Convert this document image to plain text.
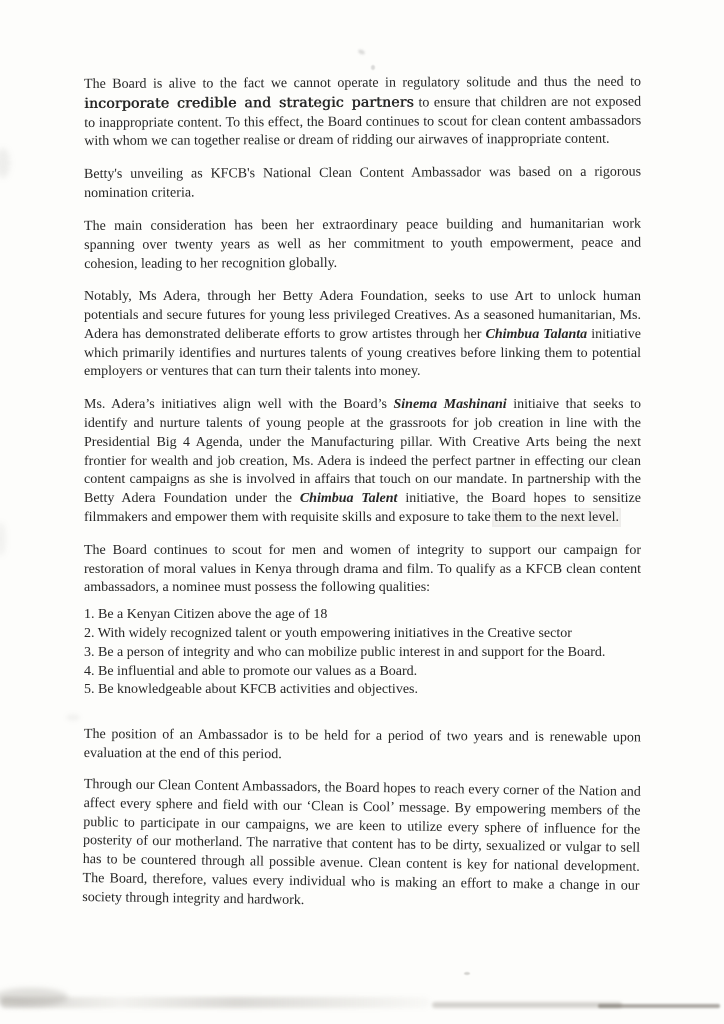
The Board is alive to the fact we cannot operate in regulatory solitude and thus the need to incorporate credible and strategic partners to ensure that children are not exposed to inappropriate content. To this effect, the Board continues to scout for clean content ambassadors with whom we can together realise or dream of ridding our airwaves of inappropriate content.

Betty's unveiling as KFCB's National Clean Content Ambassador was based on a rigorous nomination criteria.

The main consideration has been her extraordinary peace building and humanitarian work spanning over twenty years as well as her commitment to youth empowerment, peace and cohesion, leading to her recognition globally.

Notably, Ms Adera, through her Betty Adera Foundation, seeks to use Art to unlock human potentials and secure futures for young less privileged Creatives. As a seasoned humanitarian, Ms. Adera has demonstrated deliberate efforts to grow artistes through her Chimbua Talanta initiative which primarily identifies and nurtures talents of young creatives before linking them to potential employers or ventures that can turn their talents into money.

Ms. Adera’s initiatives align well with the Board’s Sinema Mashinani initiaive that seeks to identify and nurture talents of young people at the grassroots for job creation in line with the Presidential Big 4 Agenda, under the Manufacturing pillar. With Creative Arts being the next frontier for wealth and job creation, Ms. Adera is indeed the perfect partner in effecting our clean content campaigns as she is involved in affairs that touch on our mandate. In partnership with the Betty Adera Foundation under the Chimbua Talent initiative, the Board hopes to sensitize filmmakers and empower them with requisite skills and exposure to take them to the next level.

The Board continues to scout for men and women of integrity to support our campaign for restoration of moral values in Kenya through drama and film. To qualify as a KFCB clean content ambassadors, a nominee must possess the following qualities:

1. Be a Kenyan Citizen above the age of 18
2. With widely recognized talent or youth empowering initiatives in the Creative sector
3. Be a person of integrity and who can mobilize public interest in and support for the Board.
4. Be influential and able to promote our values as a Board.
5. Be knowledgeable about KFCB activities and objectives.

The position of an Ambassador is to be held for a period of two years and is renewable upon evaluation at the end of this period.

Through our Clean Content Ambassadors, the Board hopes to reach every corner of the Nation and affect every sphere and field with our ‘Clean is Cool’ message. By empowering members of the public to participate in our campaigns, we are keen to utilize every sphere of influence for the posterity of our motherland. The narrative that content has to be dirty, sexualized or vulgar to sell has to be countered through all possible avenue. Clean content is key for national development. The Board, therefore, values every individual who is making an effort to make a change in our society through integrity and hardwork.
